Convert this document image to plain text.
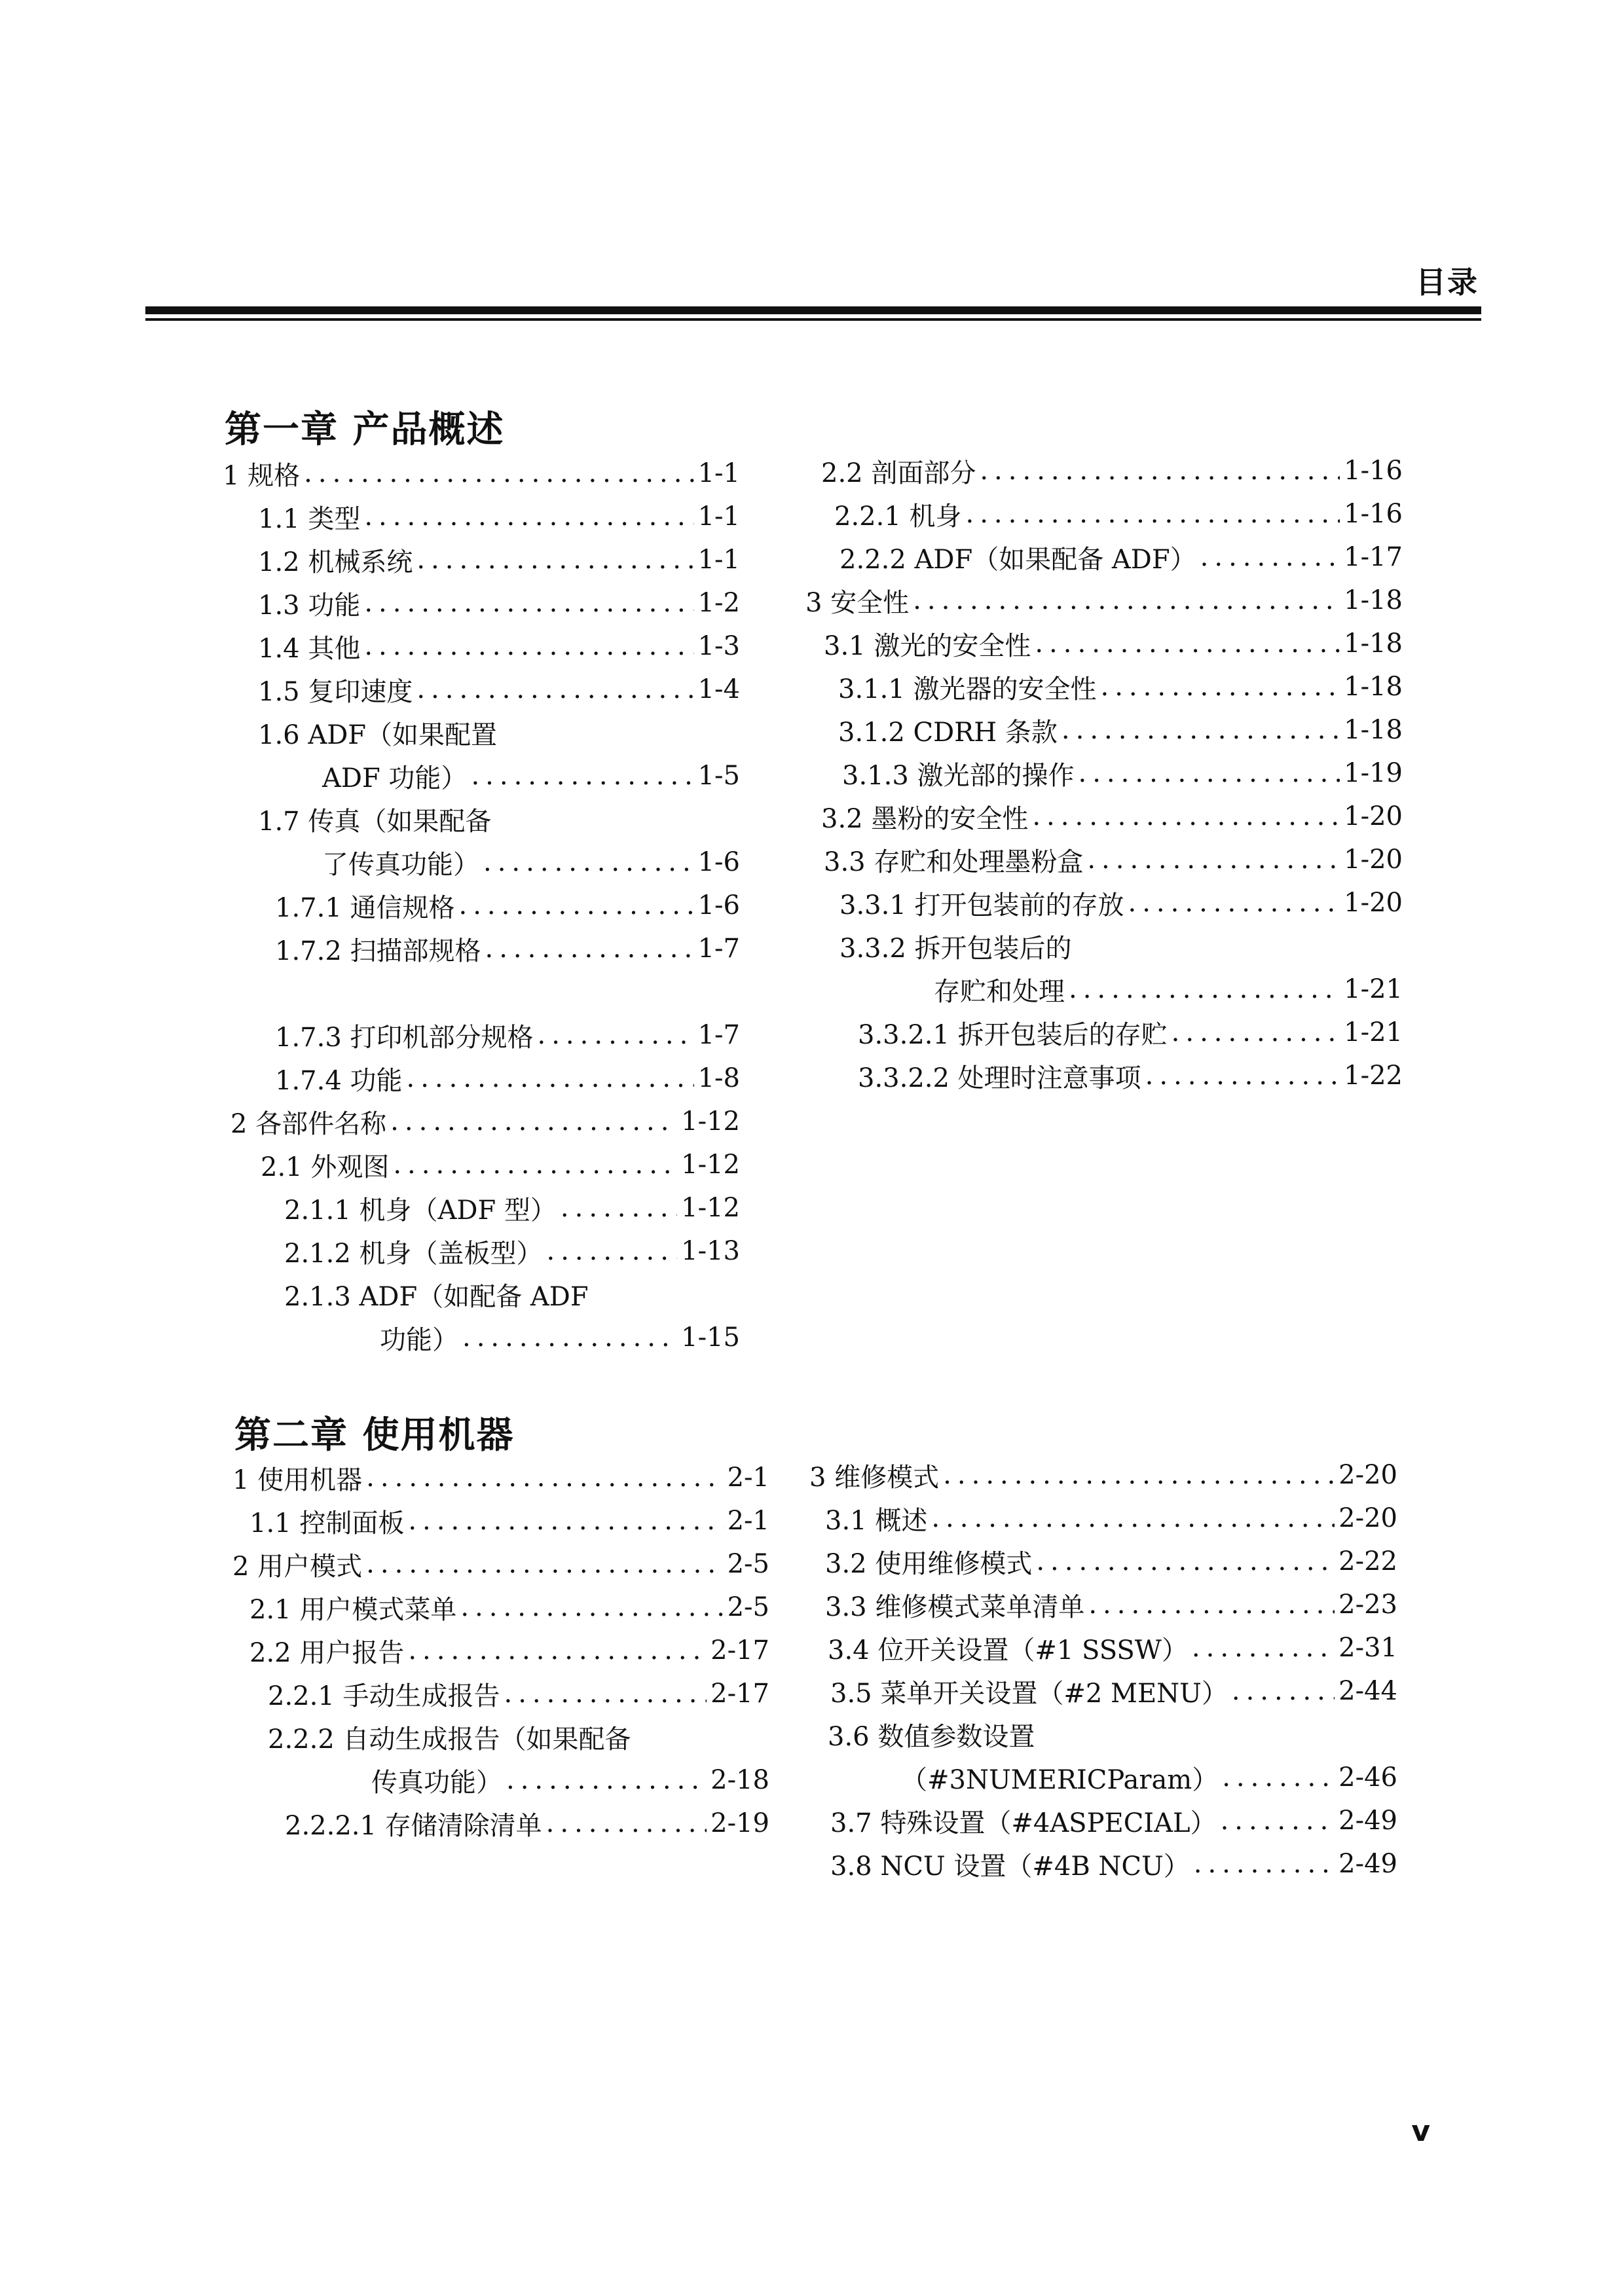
目录
第一章 产品概述
1 规格 .....	1-1
1.1 类型 .....	1-1
1.2 机械系统 .....	1-1
1.3 功能 .....	1-2
1.4 其他 .....	1-3
1.5 复印速度 .....	1-4
1.6 ADF（如果配置
ADF 功能） .....	1-5
1.7 传真（如果配备
了传真功能） .....	1-6
1.7.1 通信规格 .....	1-6
1.7.2 扫描部规格 .....	1-7
1.7.3 打印机部分规格 .....	1-7
1.7.4 功能 .....	1-8
2 各部件名称 .....	1-12
2.1 外观图 .....	1-12
2.1.1 机身（ADF 型） .....	1-12
2.1.2 机身（盖板型） .....	1-13
2.1.3 ADF（如配备 ADF
功能） .....	1-15
2.2 剖面部分 .....	1-16
2.2.1 机身 .....	1-16
2.2.2 ADF（如果配备 ADF） .....	1-17
3 安全性 .....	1-18
3.1 激光的安全性 .....	1-18
3.1.1 激光器的安全性 .....	1-18
3.1.2 CDRH 条款 .....	1-18
3.1.3 激光部的操作 .....	1-19
3.2 墨粉的安全性 .....	1-20
3.3 存贮和处理墨粉盒 .....	1-20
3.3.1 打开包装前的存放 .....	1-20
3.3.2 拆开包装后的
存贮和处理 .....	1-21
3.3.2.1 拆开包装后的存贮 .....	1-21
3.3.2.2 处理时注意事项 .....	1-22
第二章 使用机器
1 使用机器 .....	2-1
1.1 控制面板 .....	2-1
2 用户模式 .....	2-5
2.1 用户模式菜单 .....	2-5
2.2 用户报告 .....	2-17
2.2.1 手动生成报告 .....	2-17
2.2.2 自动生成报告（如果配备
传真功能） .....	2-18
2.2.2.1 存储清除清单 .....	2-19
3 维修模式 .....	2-20
3.1 概述 .....	2-20
3.2 使用维修模式 .....	2-22
3.3 维修模式菜单清单 .....	2-23
3.4 位开关设置（#1 SSSW） .....	2-31
3.5 菜单开关设置（#2 MENU） .....	2-44
3.6 数值参数设置
（#3NUMERICParam） .....	2-46
3.7 特殊设置（#4ASPECIAL） .....	2-49
3.8 NCU 设置（#4B NCU） .....	2-49
v
